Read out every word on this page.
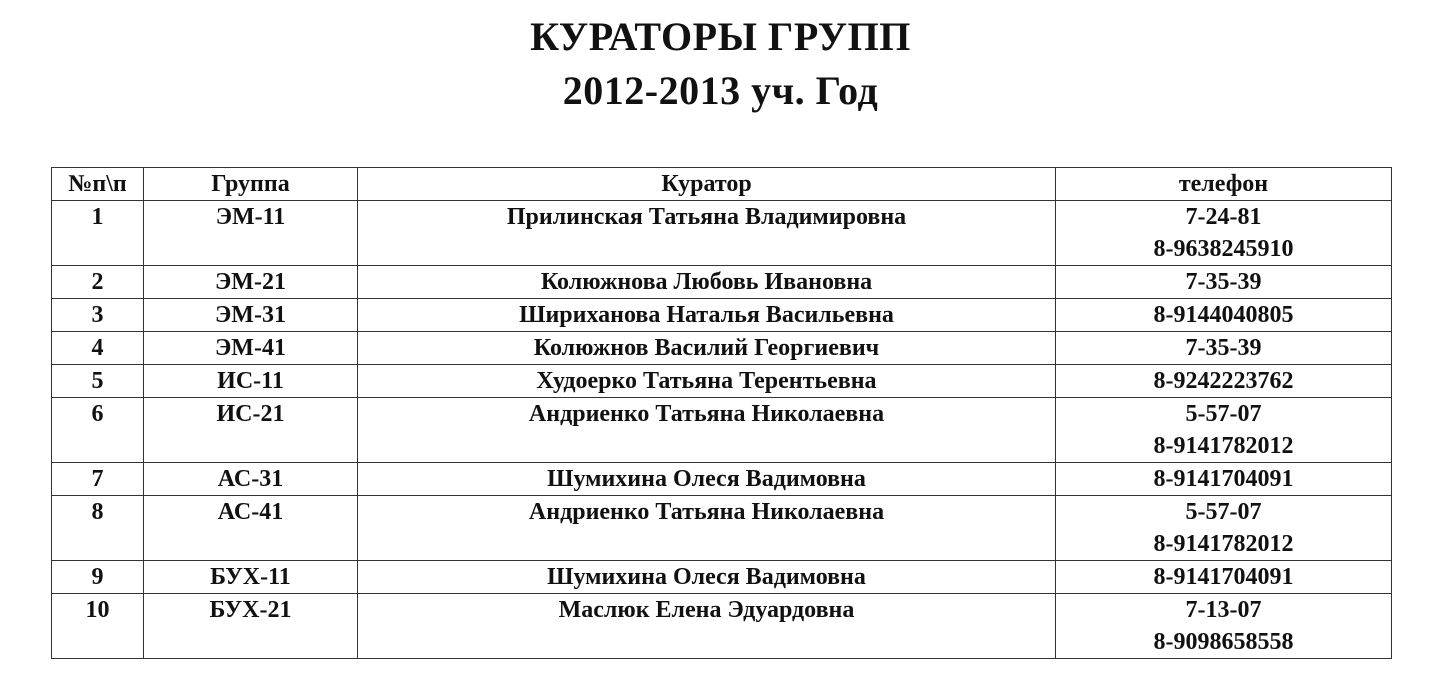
КУРАТОРЫ ГРУПП
2012-2013 уч. Год
№п\п	Группа	Куратор	телефон
1	ЭМ-11	Прилинская Татьяна Владимировна	7-24-81
8-9638245910

2	ЭМ-21	Колюжнова Любовь Ивановна	7-35-39

3	ЭМ-31	Шириханова Наталья Васильевна	8-9144040805

4	ЭМ-41	Колюжнов Василий Георгиевич	7-35-39

5	ИС-11	Худоерко Татьяна Терентьевна	8-9242223762

6	ИС-21	Андриенко Татьяна Николаевна	5-57-07
8-9141782012

7	АС-31	Шумихина Олеся Вадимовна	8-9141704091

8	АС-41	Андриенко Татьяна Николаевна	5-57-07
8-9141782012

9	БУХ-11	Шумихина Олеся Вадимовна	8-9141704091

10	БУХ-21	Маслюк Елена Эдуардовна	7-13-07
8-9098658558
